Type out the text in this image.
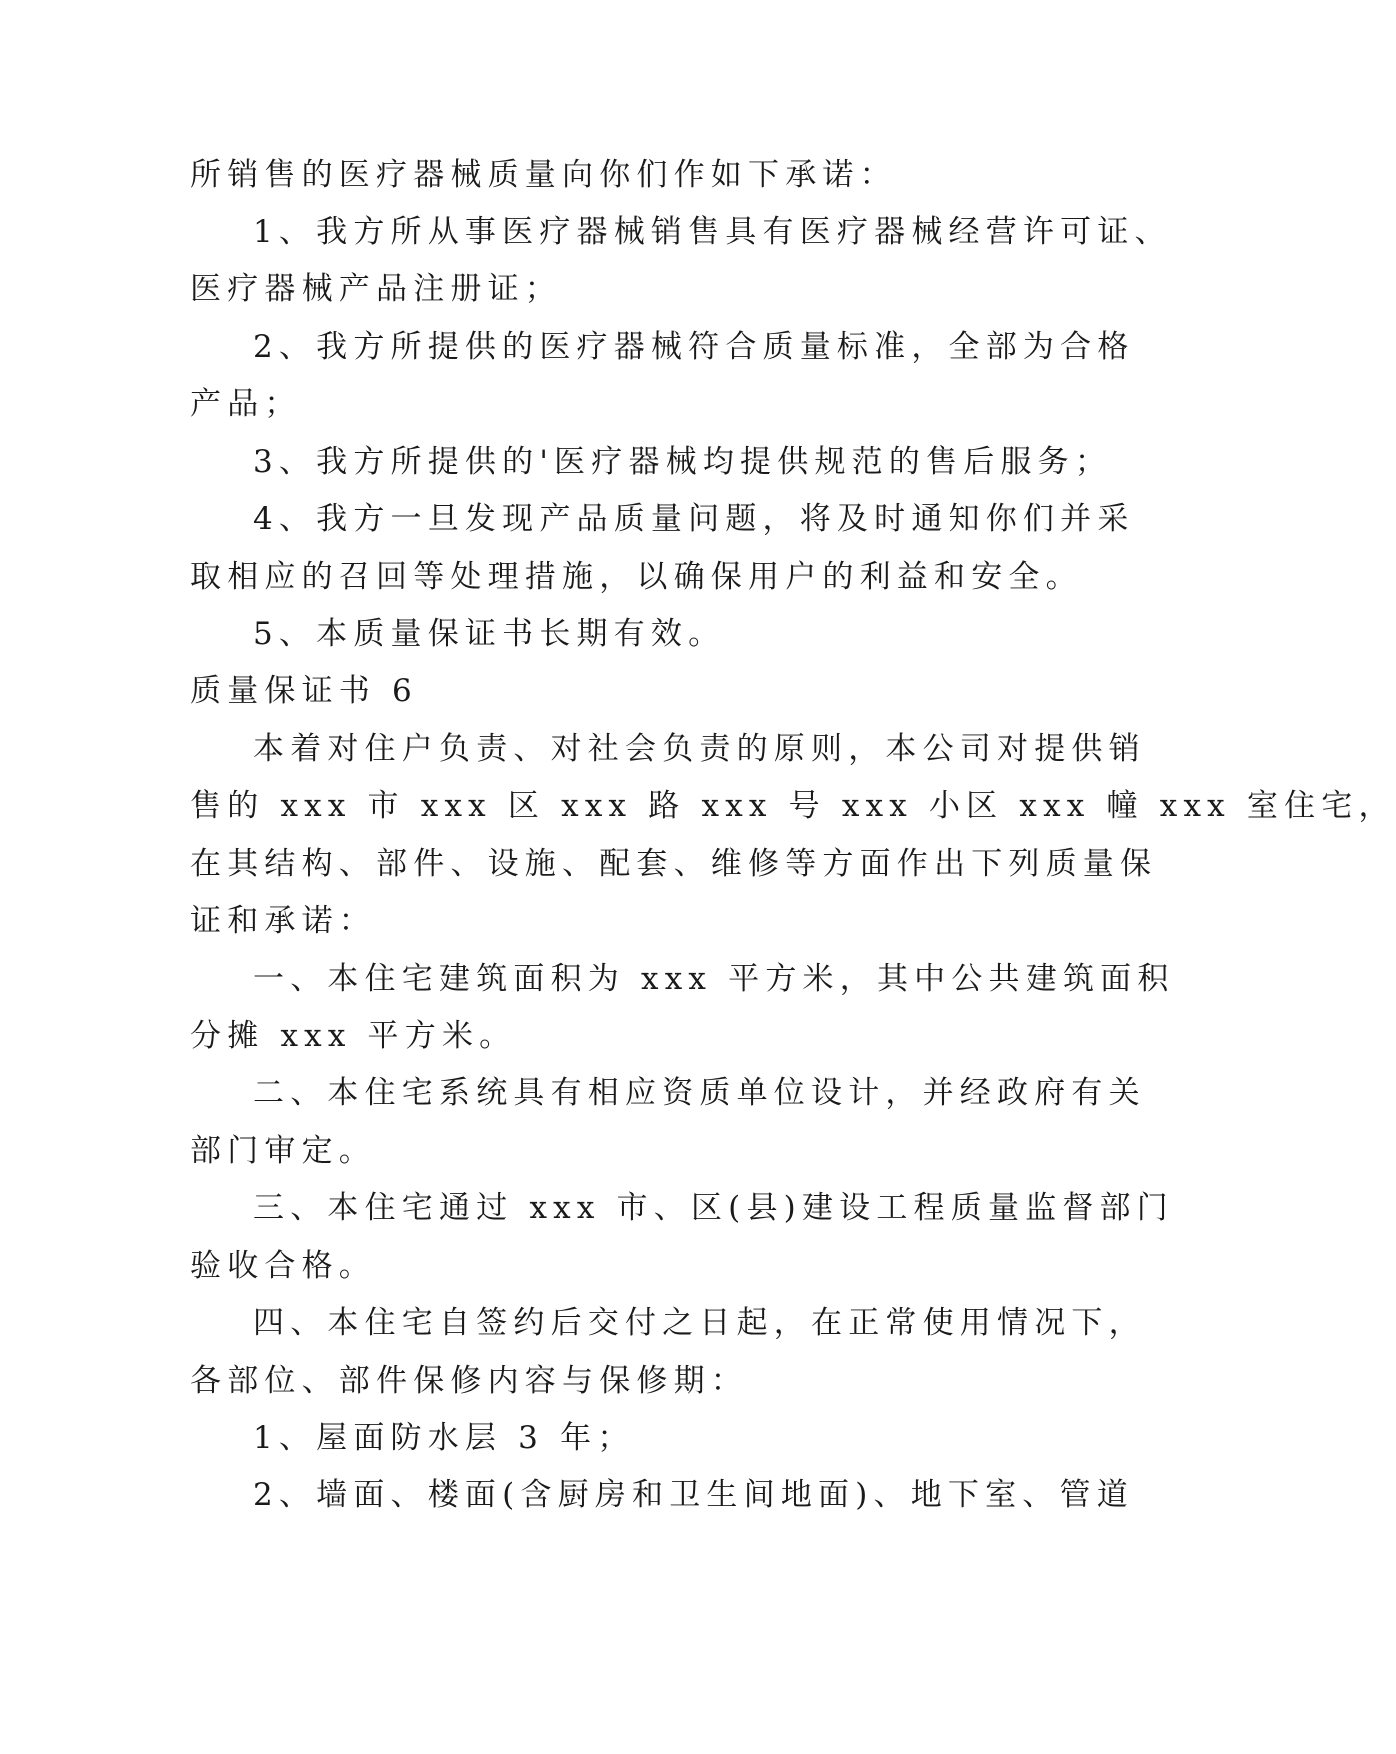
所销售的医疗器械质量向你们作如下承诺：

1、我方所从事医疗器械销售具有医疗器械经营许可证、

医疗器械产品注册证；

2、我方所提供的医疗器械符合质量标准，全部为合格

产品；

3、我方所提供的'医疗器械均提供规范的售后服务；

4、我方一旦发现产品质量问题，将及时通知你们并采

取相应的召回等处理措施，以确保用户的利益和安全。

5、本质量保证书长期有效。

质量保证书 6

本着对住户负责、对社会负责的原则，本公司对提供销

售的 xxx 市 xxx 区 xxx 路 xxx 号 xxx 小区 xxx 幢 xxx 室住宅，

在其结构、部件、设施、配套、维修等方面作出下列质量保

证和承诺：

一、本住宅建筑面积为 xxx 平方米，其中公共建筑面积

分摊 xxx 平方米。

二、本住宅系统具有相应资质单位设计，并经政府有关

部门审定。

三、本住宅通过 xxx 市、区(县)建设工程质量监督部门

验收合格。

四、本住宅自签约后交付之日起，在正常使用情况下，

各部位、部件保修内容与保修期：

1、屋面防水层 3 年；

2、墙面、楼面(含厨房和卫生间地面)、地下室、管道
